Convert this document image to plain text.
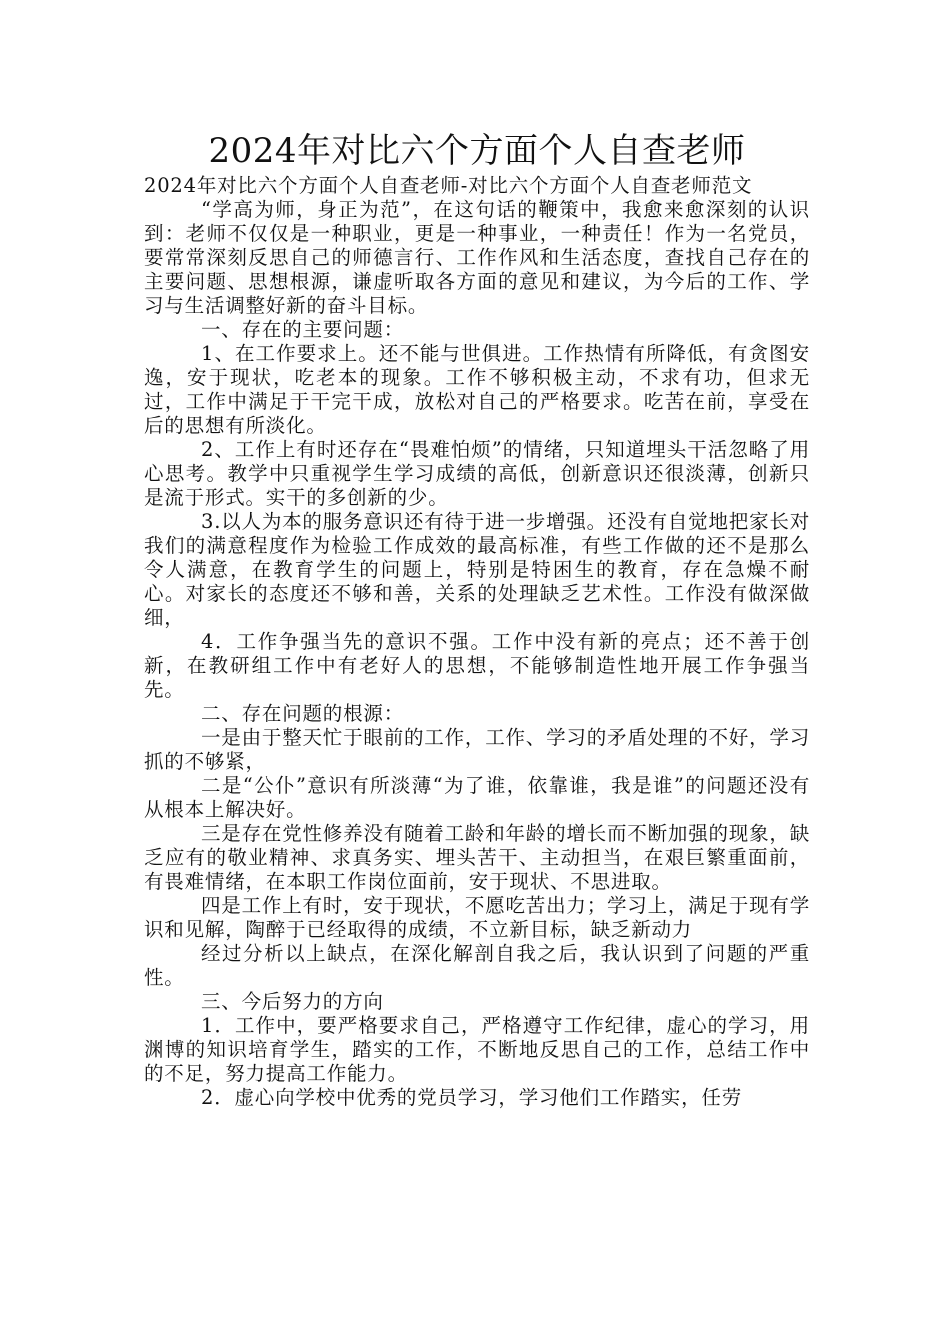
2024年对比六个方面个人自查老师

2024年对比六个方面个人自查老师-对比六个方面个人自查老师范文

“学高为师，身正为范”，在这句话的鞭策中，我愈来愈深刻的认识到：老师不仅仅是一种职业，更是一种事业，一种责任！作为一名党员，要常常深刻反思自己的师德言行、工作作风和生活态度，查找自己存在的主要问题、思想根源，谦虚听取各方面的意见和建议，为今后的工作、学习与生活调整好新的奋斗目标。

一、存在的主要问题：

1、在工作要求上。还不能与世俱进。工作热情有所降低，有贪图安逸，安于现状，吃老本的现象。工作不够积极主动，不求有功，但求无过，工作中满足于干完干成，放松对自己的严格要求。吃苦在前，享受在后的思想有所淡化。

2、工作上有时还存在“畏难怕烦”的情绪，只知道埋头干活忽略了用心思考。教学中只重视学生学习成绩的高低，创新意识还很淡薄，创新只是流于形式。实干的多创新的少。

3.以人为本的服务意识还有待于进一步增强。还没有自觉地把家长对我们的满意程度作为检验工作成效的最高标准，有些工作做的还不是那么令人满意，在教育学生的问题上，特别是特困生的教育，存在急燥不耐心。对家长的态度还不够和善，关系的处理缺乏艺术性。工作没有做深做细，

4．工作争强当先的意识不强。工作中没有新的亮点；还不善于创新，在教研组工作中有老好人的思想，不能够制造性地开展工作争强当先。

二、存在问题的根源：

一是由于整天忙于眼前的工作，工作、学习的矛盾处理的不好，学习抓的不够紧，

二是“公仆”意识有所淡薄“为了谁，依靠谁，我是谁”的问题还没有从根本上解决好。

三是存在党性修养没有随着工龄和年龄的增长而不断加强的现象，缺乏应有的敬业精神、求真务实、埋头苦干、主动担当，在艰巨繁重面前，有畏难情绪，在本职工作岗位面前，安于现状、不思进取。

四是工作上有时，安于现状，不愿吃苦出力；学习上，满足于现有学识和见解，陶醉于已经取得的成绩，不立新目标，缺乏新动力

经过分析以上缺点，在深化解剖自我之后，我认识到了问题的严重性。

三、今后努力的方向

1．工作中，要严格要求自己，严格遵守工作纪律，虚心的学习，用渊博的知识培育学生，踏实的工作，不断地反思自己的工作，总结工作中的不足，努力提高工作能力。

2．虚心向学校中优秀的党员学习，学习他们工作踏实，任劳
